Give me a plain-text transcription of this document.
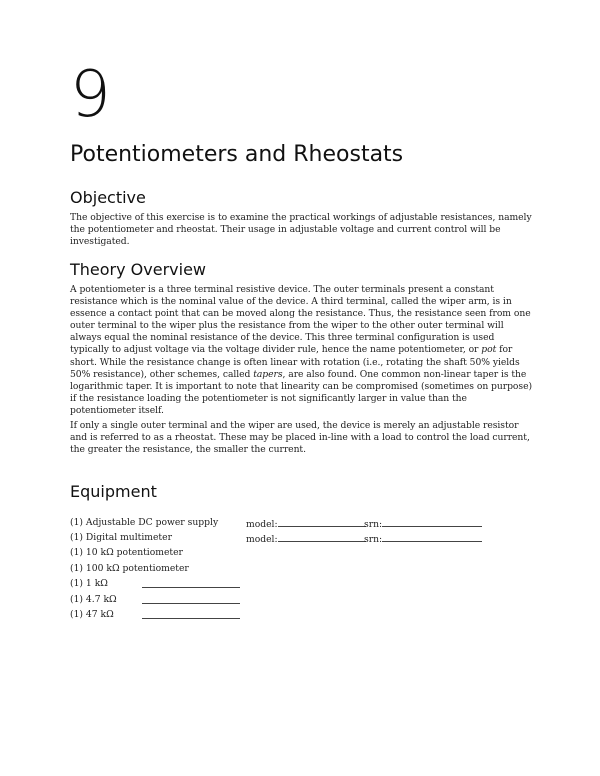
9
Potentiometers and Rheostats
Objective

The objective of this exercise is to examine the practical workings of adjustable resistances, namely the potentiometer and rheostat. Their usage in adjustable voltage and current control will be investigated.

Theory Overview

A potentiometer is a three terminal resistive device. The outer terminals present a constant resistance which is the nominal value of the device. A third terminal, called the wiper arm, is in essence a contact point that can be moved along the resistance. Thus, the resistance seen from one outer terminal to the wiper plus the resistance from the wiper to the other outer terminal will always equal the nominal resistance of the device. This three terminal configuration is used typically to adjust voltage via the voltage divider rule, hence the name potentiometer, or pot for short. While the resistance change is often linear with rotation (i.e., rotating the shaft 50% yields 50% resistance), other schemes, called tapers, are also found. One common non-linear taper is the logarithmic taper. It is important to note that linearity can be compromised (sometimes on purpose) if the resistance loading the potentiometer is not significantly larger in value than the potentiometer itself.

If only a single outer terminal and the wiper are used, the device is merely an adjustable resistor and is referred to as a rheostat. These may be placed in-line with a load to control the load current, the greater the resistance, the smaller the current.

Equipment
(1) Adjustable DC power supply	model:	srn:
(1) Digital multimeter	model:	srn:
(1) 10 kΩ potentiometer
(1) 100 kΩ potentiometer
(1) 1 kΩ
(1) 4.7 kΩ
(1) 47 kΩ
